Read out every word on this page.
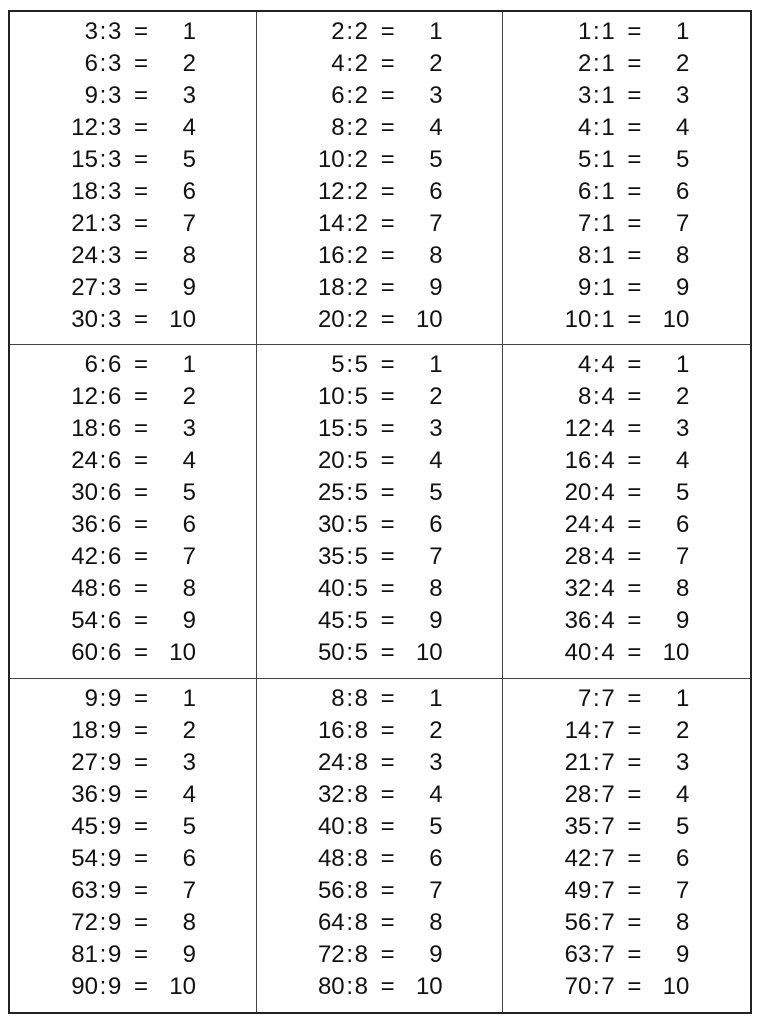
3 : 3 =	1
6 : 3 =	2
9 : 3 =	3
12 : 3 =	4
15 : 3 =	5
18 : 3 =	6
21 : 3 =	7
24 : 3 =	8
27 : 3 =	9
30 : 3 = 10
2 : 2 =	1
4 : 2 =	2
6 : 2 =	3
8 : 2 =	4
10 : 2 =	5
12 : 2 =	6
14 : 2 =	7
16 : 2 =	8
18 : 2 =	9
20 : 2 = 10
1 : 1 =	1
2 : 1 =	2
3 : 1 =	3
4 : 1 =	4
5 : 1 =	5
6 : 1 =	6
7 : 1 =	7
8 : 1 =	8
9 : 1 =	9
10 : 1 = 10
6 : 6 =	1
12 : 6 =	2
18 : 6 =	3
24 : 6 =	4
30 : 6 =	5
36 : 6 =	6
42 : 6 =	7
48 : 6 =	8
54 : 6 =	9
60 : 6 = 10
5 : 5 =	1
10 : 5 =	2
15 : 5 =	3
20 : 5 =	4
25 : 5 =	5
30 : 5 =	6
35 : 5 =	7
40 : 5 =	8
45 : 5 =	9
50 : 5 = 10
4 : 4 =	1
8 : 4 =	2
12 : 4 =	3
16 : 4 =	4
20 : 4 =	5
24 : 4 =	6
28 : 4 =	7
32 : 4 =	8
36 : 4 =	9
40 : 4 = 10
9 : 9 =	1
18 : 9 =	2
27 : 9 =	3
36 : 9 =	4
45 : 9 =	5
54 : 9 =	6
63 : 9 =	7
72 : 9 =	8
81 : 9 =	9
90 : 9 = 10
8 : 8 =	1
16 : 8 =	2
24 : 8 =	3
32 : 8 =	4
40 : 8 =	5
48 : 8 =	6
56 : 8 =	7
64 : 8 =	8
72 : 8 =	9
80 : 8 = 10
7 : 7 =	1
14 : 7 =	2
21 : 7 =	3
28 : 7 =	4
35 : 7 =	5
42 : 7 =	6
49 : 7 =	7
56 : 7 =	8
63 : 7 =	9
70 : 7 = 10
